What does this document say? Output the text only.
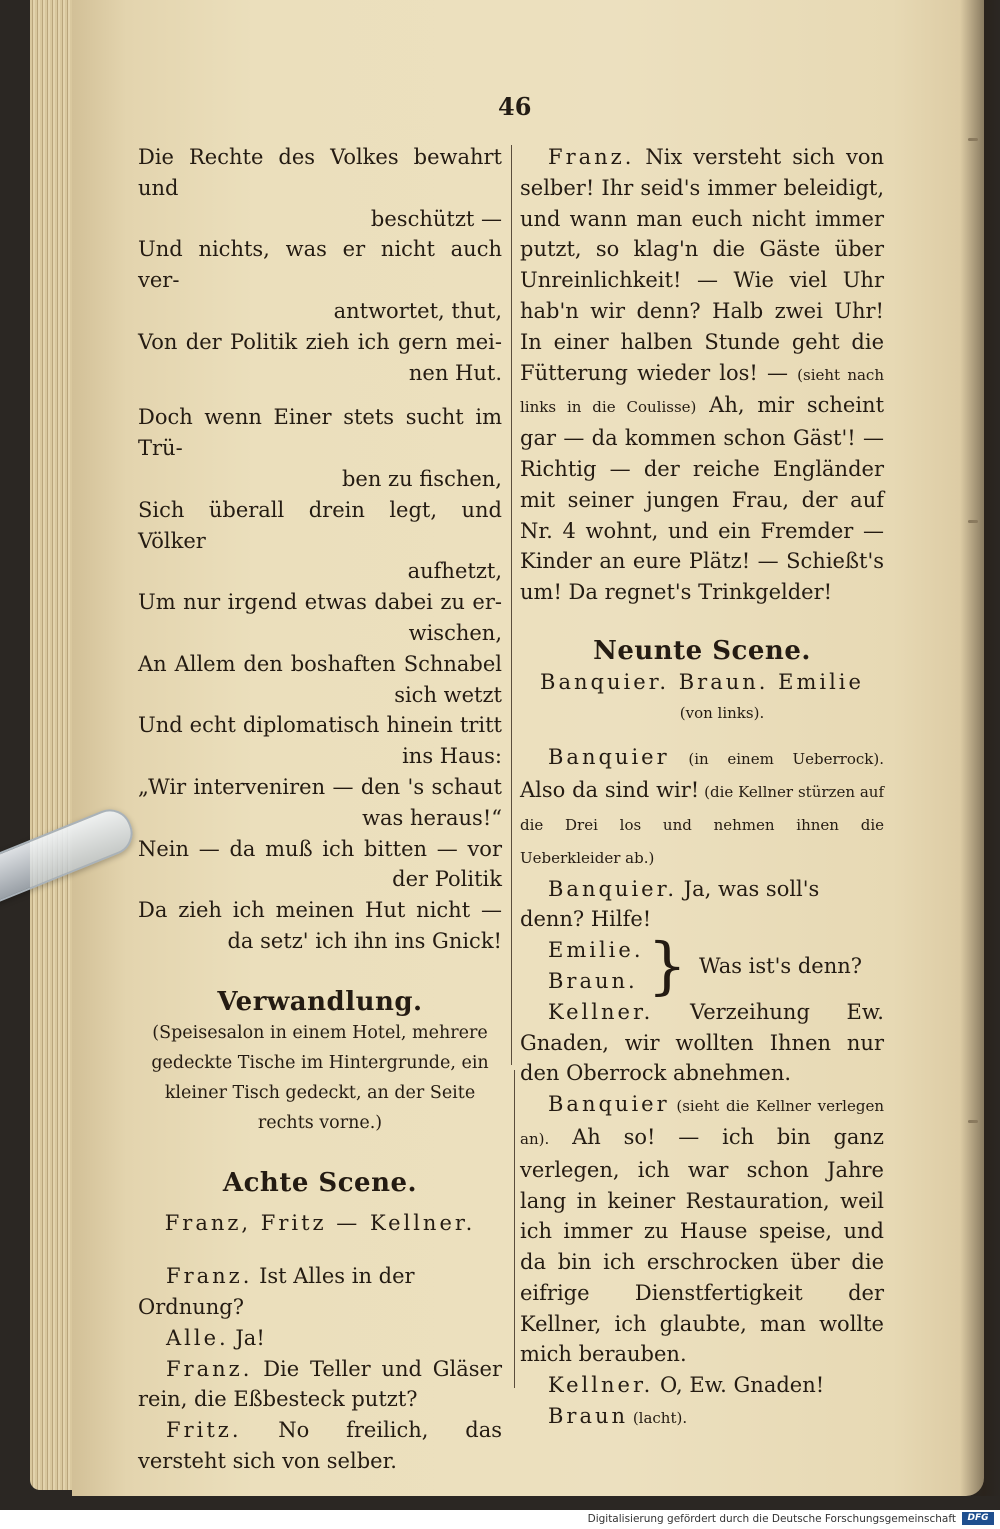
46

Die Rechte des Volkes bewahrt und

beschützt —

Und nichts, was er nicht auch ver-

antwortet, thut,

Von der Politik zieh ich gern mei-

nen Hut.

Doch wenn Einer stets sucht im Trü-

ben zu fischen,

Sich überall drein legt, und Völker

aufhetzt,

Um nur irgend etwas dabei zu er-

wischen,

An Allem den boshaften Schnabel

sich wetzt

Und echt diplomatisch hinein tritt

ins Haus:

„Wir interveniren — den 's schaut

was heraus!“

Nein — da muß ich bitten — vor

der Politik

Da zieh ich meinen Hut nicht —

da setz' ich ihn ins Gnick!

Verwandlung.

(Speisesalon in einem Hotel, mehrere gedeckte Tische im Hintergrunde, ein kleiner Tisch gedeckt, an der Seite rechts vorne.)

Achte Scene.

Franz, Fritz — Kellner.

Franz. Ist Alles in der Ordnung?

Alle. Ja!

Franz. Die Teller und Gläser rein, die Eßbesteck putzt?

Fritz. No freilich, das versteht sich von selber.

Franz. Nix versteht sich von selber! Ihr seid's immer beleidigt, und wann man euch nicht immer putzt, so klag'n die Gäste über Unreinlichkeit! — Wie viel Uhr hab'n wir denn? Halb zwei Uhr! In einer halben Stunde geht die Fütterung wieder los! — (sieht nach links in die Coulisse) Ah, mir scheint gar — da kommen schon Gäst'! — Richtig — der reiche Engländer mit seiner jungen Frau, der auf Nr. 4 wohnt, und ein Fremder — Kinder an eure Plätz! — Schießt's um! Da regnet's Trinkgelder!

Neunte Scene.

Banquier. Braun. Emilie

(von links).

Banquier (in einem Ueberrock). Also da sind wir! (die Kellner stürzen auf die Drei los und nehmen ihnen die Ueberkleider ab.)

Banquier. Ja, was soll's denn? Hilfe!

Emilie.
Braun. } Was ist's denn?

Kellner. Verzeihung Ew. Gnaden, wir wollten Ihnen nur den Oberrock abnehmen.

Banquier (sieht die Kellner verlegen an). Ah so! — ich bin ganz verlegen, ich war schon Jahre lang in keiner Restauration, weil ich immer zu Hause speise, und da bin ich erschrocken über die eifrige Dienstfertigkeit der Kellner, ich glaubte, man wollte mich berauben.

Kellner. O, Ew. Gnaden!

Braun (lacht).

Digitalisierung gefördert durch die Deutsche Forschungsgemeinschaft	DFG
